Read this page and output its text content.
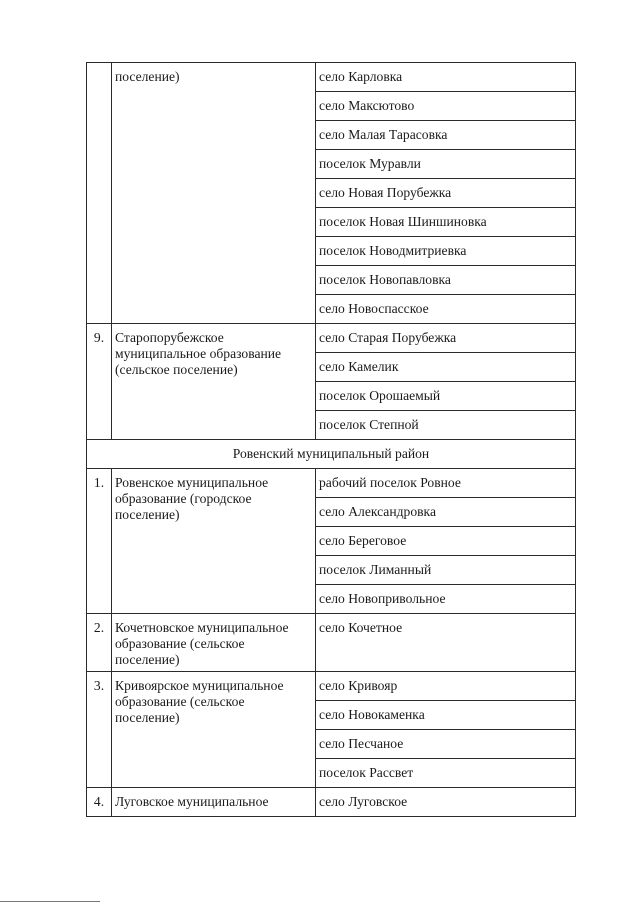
	поселение)	село Карловка
		село Максютово
		село Малая Тарасовка
		поселок Муравли
		село Новая Порубежка
		поселок Новая Шиншиновка
		поселок Новодмитриевка
		поселок Новопавловка
		село Новоспасское
9.	Старопорубежское муниципальное образование (сельское поселение)	село Старая Порубежка
		село Камелик
		поселок Орошаемый
		поселок Степной
Ровенский муниципальный район		
1.	Ровенское муниципальное образование (городское поселение)	рабочий поселок Ровное
		село Александровка
		село Береговое
		поселок Лиманный
		село Новопривольное
2.	Кочетновское муниципальное образование (сельское поселение)	село Кочетное
3.	Кривоярское муниципальное образование (сельское поселение)	село Кривояр
		село Новокаменка
		село Песчаное
		поселок Рассвет
4.	Луговское муниципальное	село Луговское
